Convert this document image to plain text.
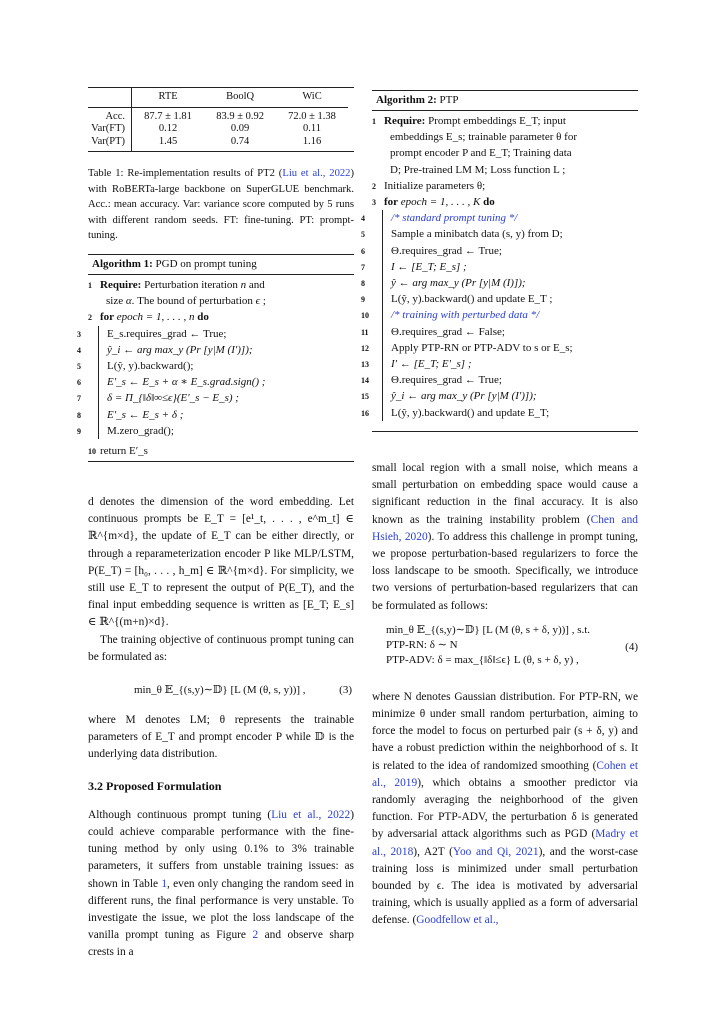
	RTE	BoolQ	WiC
Acc.	87.7 ± 1.81	83.9 ± 0.92	72.0 ± 1.38
Var(FT)	0.12	0.09	0.11
Var(PT)	1.45	0.74	1.16
Table 1: Re-implementation results of PT2 (Liu et al., 2022) with RoBERTa-large backbone on SuperGLUE benchmark. Acc.: mean accuracy. Var: variance score computed by 5 runs with different random seeds. FT: fine-tuning. PT: prompt-tuning.
Algorithm 1: PGD on prompt tuning
1 Require: Perturbation iteration n and
size α. The bound of perturbation ϵ ;
2 for epoch = 1, . . . , n do
3 E_s.requires_grad ← True;
4 ŷ_i ← arg max_y (Pr [y|M (I′)]);
5 L(ŷ, y).backward();
6 E′_s ← E_s + α ∗ E_s.grad.sign() ;
7 δ = Π_{‖δ‖∞≤ϵ}(E′_s − E_s) ;
8 E′_s ← E_s + δ ;
9 M.zero_grad();
10 return E′_s

d denotes the dimension of the word embedding. Let continuous prompts be E_T = [e¹_t, . . . , e^m_t] ∈ ℝ^{m×d}, the update of E_T can be either directly, or through a reparameterization encoder P like MLP/LSTM, P(E_T) = [h₀, . . . , h_m] ∈ ℝ^{m×d}. For simplicity, we still use E_T to represent the output of P(E_T), and the final input embedding sequence is written as [E_T; E_s] ∈ ℝ^{(m+n)×d}.

The training objective of continuous prompt tuning can be formulated as:

min_θ 𝔼_{(s,y)∼𝔻} [L (M (θ, s, y))] ,	(3)

where M denotes LM; θ represents the trainable parameters of E_T and prompt encoder P while 𝔻 is the underlying data distribution.

3.2 Proposed Formulation

Although continuous prompt tuning (Liu et al., 2022) could achieve comparable performance with the fine-tuning method by only using 0.1% to 3% trainable parameters, it suffers from unstable training issues: as shown in Table 1, even only changing the random seed in different runs, the final performance is very unstable. To investigate the issue, we plot the loss landscape of the vanilla prompt tuning as Figure 2 and observe sharp crests in a

Algorithm 2: PTP
1 Require: Prompt embeddings E_T; input
embeddings E_s; trainable parameter θ for
prompt encoder P and E_T; Training data
D; Pre-trained LM M; Loss function L ;
2 Initialize parameters θ;
3 for epoch = 1, . . . , K do
4 /* standard prompt tuning */
5 Sample a minibatch data (s, y) from D;
6 Θ.requires_grad ← True;
7 I ← [E_T; E_s] ;
8 ŷ ← arg max_y (Pr [y|M (I)]);
9 L(ŷ, y).backward() and update E_T ;
10 /* training with perturbed data */
11 Θ.requires_grad ← False;
12 Apply PTP-RN or PTP-ADV to s or E_s;
13 I′ ← [E_T; E′_s] ;
14 Θ.requires_grad ← True;
15 ŷ_i ← arg max_y (Pr [y|M (I′)]);
16 L(ŷ, y).backward() and update E_T;

small local region with a small noise, which means a small perturbation on embedding space would cause a significant reduction in the final accuracy. It is also known as the training instability problem (Chen and Hsieh, 2020). To address this challenge in prompt tuning, we propose perturbation-based regularizers to force the loss landscape to be smooth. Specifically, we introduce two versions of perturbation-based regularizers that can be formulated as follows:

min_θ 𝔼_{(s,y)∼𝔻} [L (M (θ, s + δ, y))] , s.t.
PTP-RN: δ ∼ N
PTP-ADV: δ = max_{‖δ‖≤ϵ} L (θ, s + δ, y) ,
(4)

where N denotes Gaussian distribution. For PTP-RN, we minimize θ under small random perturbation, aiming to force the model to focus on perturbed pair (s + δ, y) and have a robust prediction within the neighborhood of s. It is related to the idea of randomized smoothing (Cohen et al., 2019), which obtains a smoother predictor via randomly averaging the neighborhood of the given function. For PTP-ADV, the perturbation δ is generated by adversarial attack algorithms such as PGD (Madry et al., 2018), A2T (Yoo and Qi, 2021), and the worst-case training loss is minimized under small perturbation bounded by ϵ. The idea is motivated by adversarial training, which is usually applied as a form of adversarial defense. (Goodfellow et al.,
